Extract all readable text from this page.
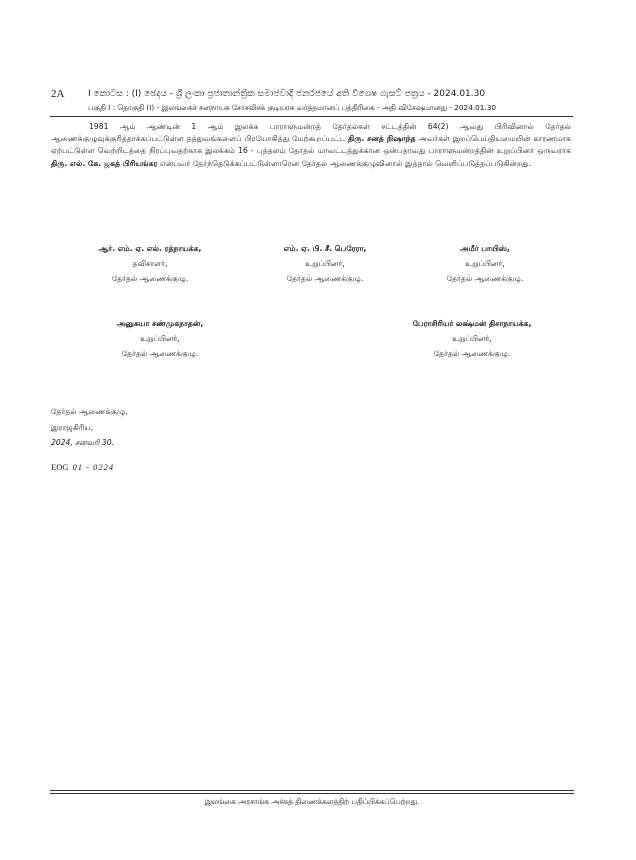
2A	I කොටස : (I) ඡෙදය - ශ්‍රී ලංකා ප්‍රජාතාන්ත්‍රික සමාජවාදී ජනරජයේ අති විශෙෂ ගැසට් පත්‍රය - 2024.01.30
பகுதி I : தொகுதி (I) - இலங்கைச் சனநாயக சோசலிசக் குடியரசு வர்த்தமானப் பத்திரிகை - அதி விசேஷமானது - 2024.01.30
1981 ஆம் ஆண்டின் 1 ஆம் இலக்க பாராளுமன்றத் தேர்தல்கள் சட்டத்தின் 64(2) ஆவது பிரிவினால் தேர்தல் ஆணைக்குழுவுக்குரித்தாக்கப்பட்டுள்ள தத்துவங்களைப் பிரயோகித்து மேற்கூறப்பட்ட திரு. சனத் நிஷாந்த அவர்கள் இறப்பெய்தியமையின் காரணமாக ஏற்பட்டுள்ள வெற்றிடத்தை நிரப்புவதற்காக இலக்கம் 16 - புத்தளம் தேர்தல் மாவட்டத்துக்கான ஒன்பதாவது பாராளுமன்றத்தின் உறுப்பினர் ஒருவராக திரு. எல். கே. ஜகத் பிரியங்கர என்பவர் தேர்ந்தெடுக்கப்பட்டுள்ளாரென தேர்தல் ஆணைக்குழுவினால் இத்தால் வெளிப்படுத்தப்படுகின்றது.
ஆர். எம். ஏ. எல். ரத்நாயக்க,
தவிசாளர்,
தேர்தல் ஆணைக்குழு.
எம். ஏ. பி. சீ. பெரேரா,
உறுப்பினர்,
தேர்தல் ஆணைக்குழு.
அமீர் பாயிஸ்,
உறுப்பினர்,
தேர்தல் ஆணைக்குழு.
அனுசுயா சண்முகநாதன்,
உறுப்பினர்,
தேர்தல் ஆணைக்குழு.
பேராசிரியர் லக்ஷ்மன் திசாநாயக்க,
உறுப்பினர்,
தேர்தல் ஆணைக்குழு.
தேர்தல் ஆணைக்குழு,
இராஜகிரிய,
2024, சனவரி 30.
EOG 01 - 0224
இலங்கை அரசாங்க அச்சுத் திணைக்களத்திற் பதிப்பிக்கப்பெற்றது.
